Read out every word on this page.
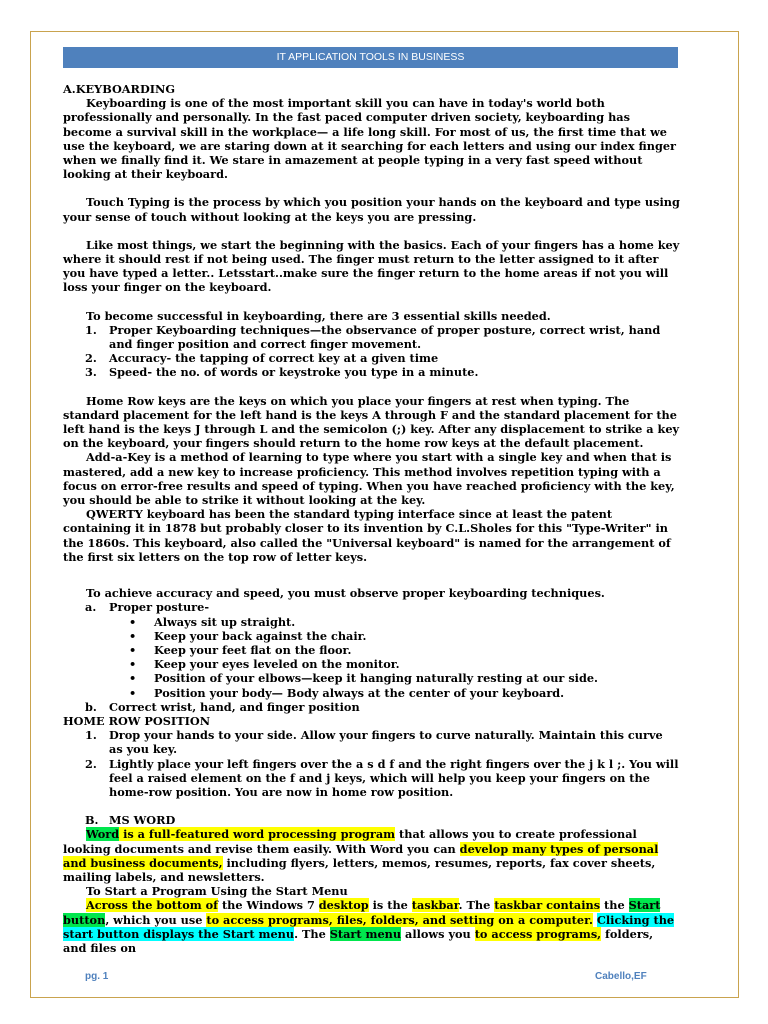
IT APPLICATION TOOLS IN BUSINESS

A.KEYBOARDING

Keyboarding is one of the most important skill you can have in today's world both professionally and personally. In the fast paced computer driven society, keyboarding has become a survival skill in the workplace— a life long skill. For most of us, the first time that we use the keyboard, we are staring down at it searching for each letters and using our index finger when we finally find it. We stare in amazement at people typing in a very fast speed without looking at their keyboard.

Touch Typing is the process by which you position your hands on the keyboard and type using your sense of touch without looking at the keys you are pressing.

Like most things, we start the beginning with the basics. Each of your fingers has a home key where it should rest if not being used. The finger must return to the letter assigned to it after you have typed a letter.. Letsstart..make sure the finger return to the home areas if not you will loss your finger on the keyboard.

To become successful in keyboarding, there are 3 essential skills needed.

1. Proper Keyboarding techniques—the observance of proper posture, correct wrist, hand and finger position and correct finger movement.
2. Accuracy- the tapping of correct key at a given time
3. Speed- the no. of words or keystroke you type in a minute.

Home Row keys are the keys on which you place your fingers at rest when typing. The standard placement for the left hand is the keys A through F and the standard placement for the left hand is the keys J through L and the semicolon (;) key. After any displacement to strike a key on the keyboard, your fingers should return to the home row keys at the default placement.

Add-a-Key is a method of learning to type where you start with a single key and when that is mastered, add a new key to increase proficiency. This method involves repetition typing with a focus on error-free results and speed of typing. When you have reached proficiency with the key, you should be able to strike it without looking at the key.

QWERTY keyboard has been the standard typing interface since at least the patent containing it in 1878 but probably closer to its invention by C.L.Sholes for this "Type-Writer" in the 1860s. This keyboard, also called the "Universal keyboard" is named for the arrangement of the first six letters on the top row of letter keys.

To achieve accuracy and speed, you must observe proper keyboarding techniques.

a. Proper posture-
• Always sit up straight.
• Keep your back against the chair.
• Keep your feet flat on the floor.
• Keep your eyes leveled on the monitor.
• Position of your elbows—keep it hanging naturally resting at our side.
• Position your body— Body always at the center of your keyboard.
b. Correct wrist, hand, and finger position

HOME ROW POSITION

1. Drop your hands to your side. Allow your fingers to curve naturally. Maintain this curve as you key.
2. Lightly place your left fingers over the a s d f and the right fingers over the j k l ;. You will feel a raised element on the f and j keys, which will help you keep your fingers on the home-row position. You are now in home row position.
B. MS WORD

Word is a full-featured word processing program that allows you to create professional looking documents and revise them easily. With Word you can develop many types of personal and business documents, including flyers, letters, memos, resumes, reports, fax cover sheets, mailing labels, and newsletters.

To Start a Program Using the Start Menu

Across the bottom of the Windows 7 desktop is the taskbar. The taskbar contains the Start button, which you use to access programs, files, folders, and setting on a computer. Clicking the start button displays the Start menu. The Start menu allows you to access programs, folders, and files on

pg. 1	Cabello,EF
